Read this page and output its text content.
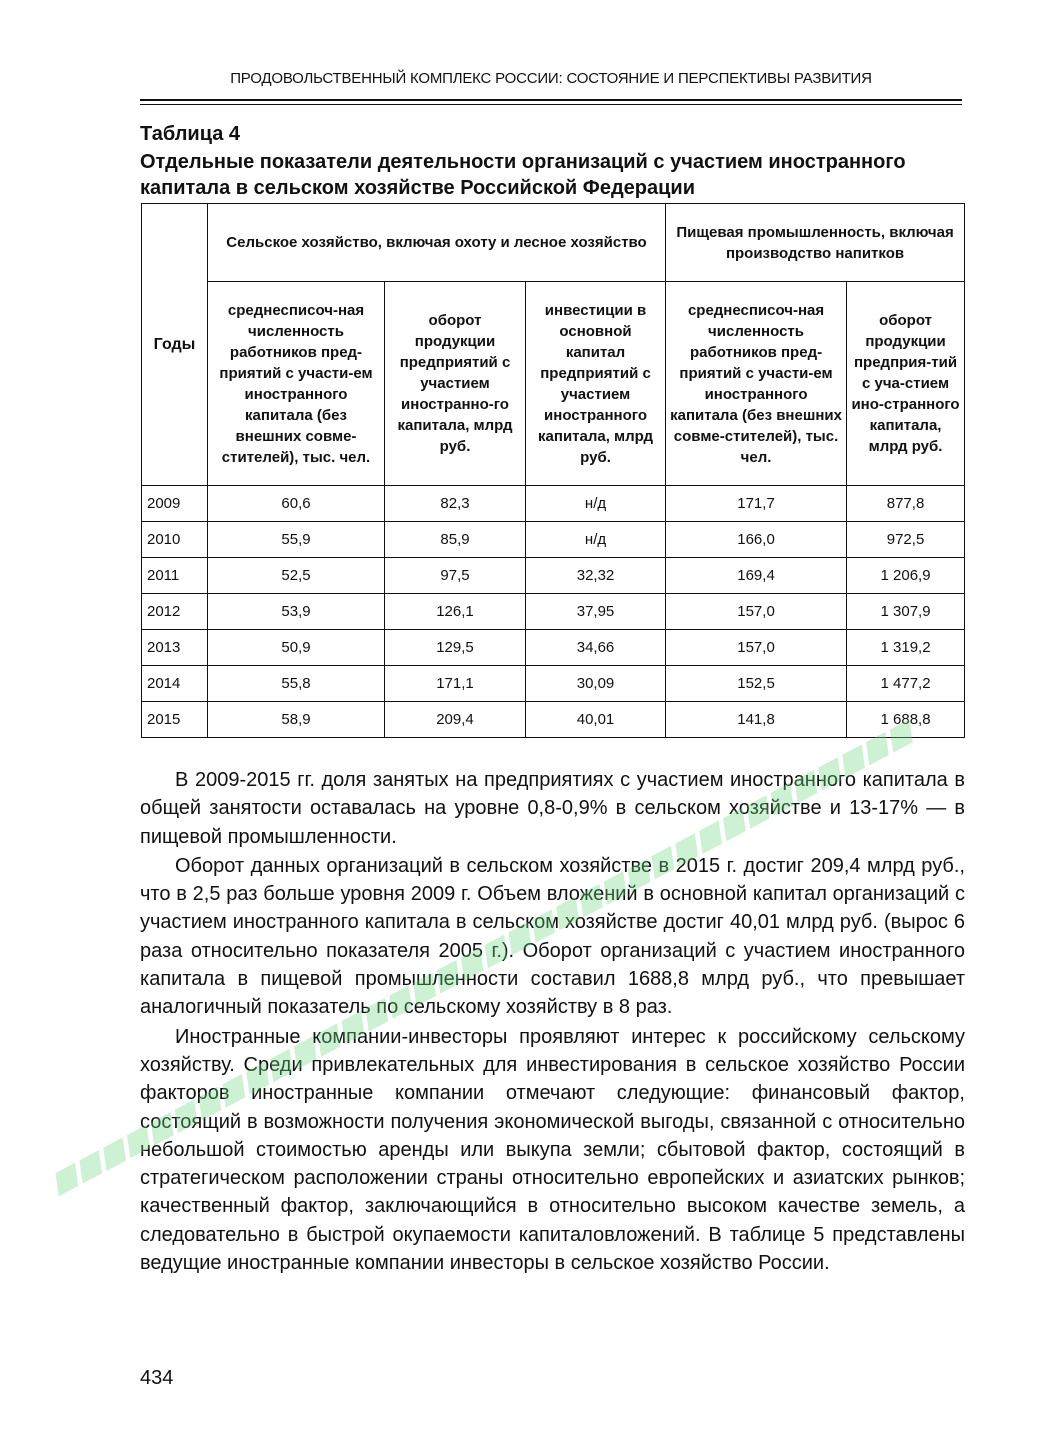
ПРОДОВОЛЬСТВЕННЫЙ КОМПЛЕКС РОССИИ: СОСТОЯНИЕ И ПЕРСПЕКТИВЫ РАЗВИТИЯ
Таблица 4
Отдельные показатели деятельности организаций с участием иностранного капитала в сельском хозяйстве Российской Федерации
Годы	Сельское хозяйство, включая охоту и лесное хозяйство			Пищевая промышленность, включая производство напитков	
	среднесписоч-ная численность работников пред-приятий с участи-ем иностранного капитала (без внешних совме-стителей), тыс. чел.	оборот продукции предприятий с участием иностранно-го капитала, млрд руб.	инвестиции в основной капитал предприятий с участием иностранного капитала, млрд руб.	среднесписоч-ная численность работников пред-приятий с участи-ем иностранного капитала (без внешних совме-стителей), тыс. чел.	оборот продукции предприя-тий с уча-стием ино-странного капитала, млрд руб.
2009	60,6	82,3	н/д	171,7	877,8
2010	55,9	85,9	н/д	166,0	972,5
2011	52,5	97,5	32,32	169,4	1 206,9
2012	53,9	126,1	37,95	157,0	1 307,9
2013	50,9	129,5	34,66	157,0	1 319,2
2014	55,8	171,1	30,09	152,5	1 477,2
2015	58,9	209,4	40,01	141,8	1 688,8

В 2009-2015 гг. доля занятых на предприятиях с участием иностранного капитала в общей занятости оставалась на уровне 0,8-0,9% в сельском хозяйстве и 13-17% — в пищевой промышленности.

Оборот данных организаций в сельском хозяйстве в 2015 г. достиг 209,4 млрд руб., что в 2,5 раз больше уровня 2009 г. Объем вложений в основной капитал организаций с участием иностранного капитала в сельском хозяйстве достиг 40,01 млрд руб. (вырос 6 раза относительно показателя 2005 г.). Оборот организаций с участием иностранного капитала в пищевой промышленности составил 1688,8 млрд руб., что превышает аналогичный показатель по сельскому хозяйству в 8 раз.

Иностранные компании-инвесторы проявляют интерес к российскому сельскому хозяйству. Среди привлекательных для инвестирования в сельское хозяйство России факторов иностранные компании отмечают следующие: финансовый фактор, состоящий в возможности получения экономической выгоды, связанной с относительно небольшой стоимостью аренды или выкупа земли; сбытовой фактор, состоящий в стратегическом расположении страны относительно европейских и азиатских рынков; качественный фактор, заключающийся в относительно высоком качестве земель, а следовательно в быстрой окупаемости капиталовложений. В таблице 5 представлены ведущие иностранные компании инвесторы в сельское хозяйство России.

434
